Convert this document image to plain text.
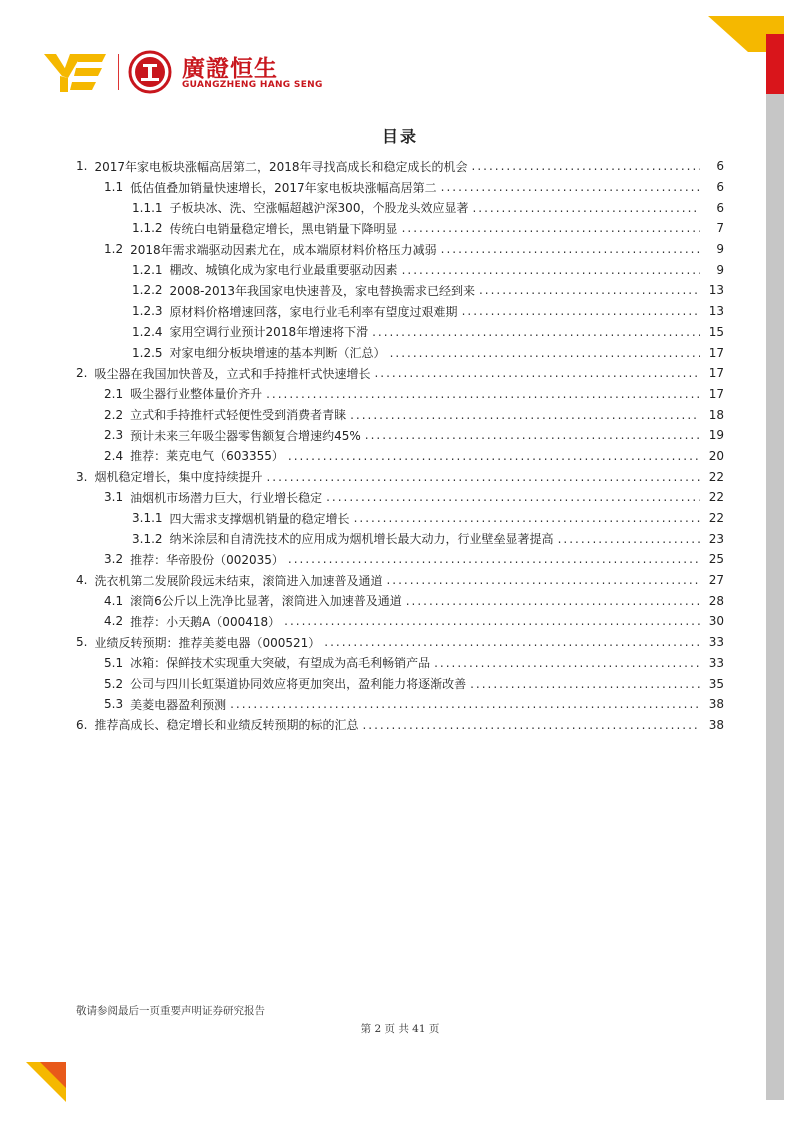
廣證恒生
GUANGZHENG HANG SENG
目录
1. 2017年家电板块涨幅高居第二，2018年寻找高成长和稳定成长的机会 .....	6
1.1 低估值叠加销量快速增长，2017年家电板块涨幅高居第二 .....	6
1.1.1 子板块冰、洗、空涨幅超越沪深300，个股龙头效应显著 .....	6
1.1.2 传统白电销量稳定增长，黑电销量下降明显 .....	7
1.2 2018年需求端驱动因素尤在，成本端原材料价格压力减弱 .....	9
1.2.1 棚改、城镇化成为家电行业最重要驱动因素 .....	9
1.2.2 2008-2013年我国家电快速普及，家电替换需求已经到来 .....	13
1.2.3 原材料价格增速回落，家电行业毛利率有望度过艰难期 .....	13
1.2.4 家用空调行业预计2018年增速将下滑 .....	15
1.2.5 对家电细分板块增速的基本判断（汇总） .....	17
2. 吸尘器在我国加快普及，立式和手持推杆式快速增长 .....	17
2.1 吸尘器行业整体量价齐升 .....	17
2.2 立式和手持推杆式轻便性受到消费者青睐 .....	18
2.3 预计未来三年吸尘器零售额复合增速约45% .....	19
2.4 推荐：莱克电气（603355） .....	20
3. 烟机稳定增长，集中度持续提升 .....	22
3.1 油烟机市场潜力巨大，行业增长稳定 .....	22
3.1.1 四大需求支撑烟机销量的稳定增长 .....	22
3.1.2 纳米涂层和自清洗技术的应用成为烟机增长最大动力，行业壁垒显著提高 .....	23
3.2 推荐：华帝股份（002035） .....	25
4. 洗衣机第二发展阶段远未结束，滚筒进入加速普及通道 .....	27
4.1 滚筒6公斤以上洗净比显著，滚筒进入加速普及通道 .....	28
4.2 推荐：小天鹅A（000418） .....	30
5. 业绩反转预期：推荐美菱电器（000521） .....	33
5.1 冰箱：保鲜技术实现重大突破，有望成为高毛利畅销产品 .....	33
5.2 公司与四川长虹渠道协同效应将更加突出，盈利能力将逐渐改善 .....	35
5.3 美菱电器盈利预测 .....	38
6. 推荐高成长、稳定增长和业绩反转预期的标的汇总 .....	38
敬请参阅最后一页重要声明证券研究报告
第 2 页 共 41 页
